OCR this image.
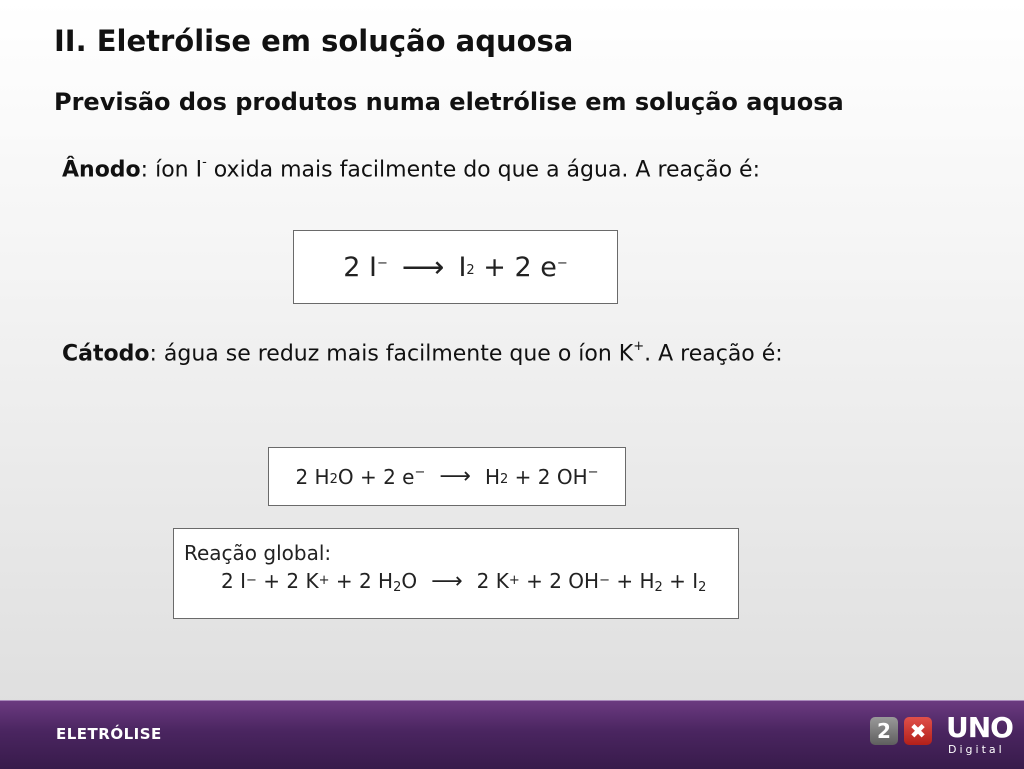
II. Eletrólise em solução aquosa
Previsão dos produtos numa eletrólise em solução aquosa
Ânodo: íon I- oxida mais facilmente do que a água. A reação é:
2
I− ⟶ $I_2 + 2$ e−
Cátodo: água se reduz mais facilmente que o íon K+. A reação é:
2 $H_2$ O + 2 e− ⟶ $H_2 + 2$ OH−
Reação global:
2 I− + 2 K+ + 2 $H_2O$ ⟶ 2 K+ + 2 $OH^- + H_2 + I_2$
ELETRÓLISE	2 ✖ UNO
Digital
